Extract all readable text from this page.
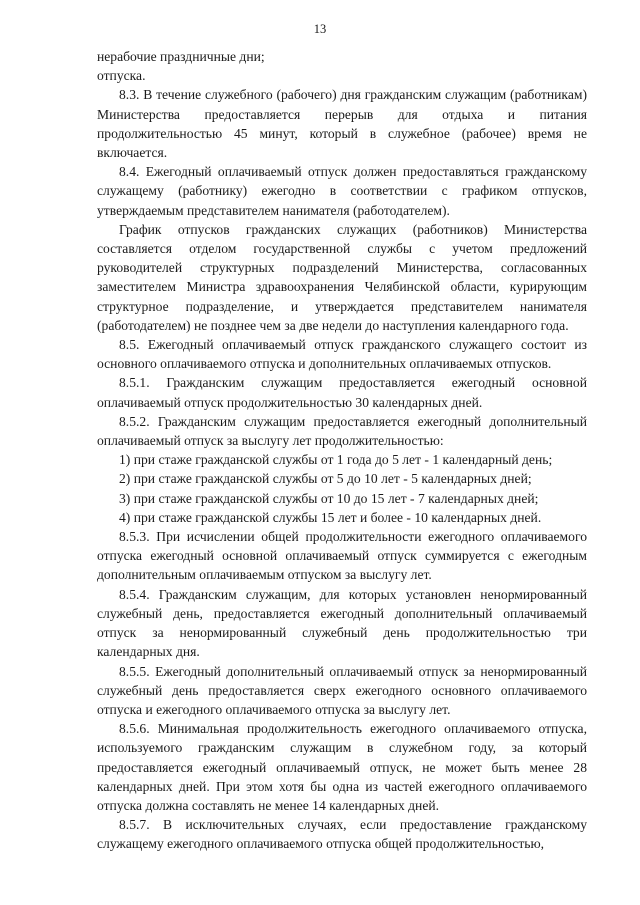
13

нерабочие праздничные дни;

отпуска.

8.3. В течение служебного (рабочего) дня гражданским служащим (работникам) Министерства предоставляется перерыв для отдыха и питания продолжительностью 45 минут, который в служебное (рабочее) время не включается.

8.4. Ежегодный оплачиваемый отпуск должен предоставляться гражданскому служащему (работнику) ежегодно в соответствии с графиком отпусков, утверждаемым представителем нанимателя (работодателем).

График отпусков гражданских служащих (работников) Министерства составляется отделом государственной службы с учетом предложений руководителей структурных подразделений Министерства, согласованных заместителем Министра здравоохранения Челябинской области, курирующим структурное подразделение, и утверждается представителем нанимателя (работодателем) не позднее чем за две недели до наступления календарного года.

8.5. Ежегодный оплачиваемый отпуск гражданского служащего состоит из основного оплачиваемого отпуска и дополнительных оплачиваемых отпусков.

8.5.1. Гражданским служащим предоставляется ежегодный основной оплачиваемый отпуск продолжительностью 30 календарных дней.

8.5.2. Гражданским служащим предоставляется ежегодный дополнительный оплачиваемый отпуск за выслугу лет продолжительностью:

1) при стаже гражданской службы от 1 года до 5 лет - 1 календарный день;

2) при стаже гражданской службы от 5 до 10 лет - 5 календарных дней;

3) при стаже гражданской службы от 10 до 15 лет - 7 календарных дней;

4) при стаже гражданской службы 15 лет и более - 10 календарных дней.

8.5.3. При исчислении общей продолжительности ежегодного оплачиваемого отпуска ежегодный основной оплачиваемый отпуск суммируется с ежегодным дополнительным оплачиваемым отпуском за выслугу лет.

8.5.4. Гражданским служащим, для которых установлен ненормированный служебный день, предоставляется ежегодный дополнительный оплачиваемый отпуск за ненормированный служебный день продолжительностью три календарных дня.

8.5.5. Ежегодный дополнительный оплачиваемый отпуск за ненормированный служебный день предоставляется сверх ежегодного основного оплачиваемого отпуска и ежегодного оплачиваемого отпуска за выслугу лет.

8.5.6. Минимальная продолжительность ежегодного оплачиваемого отпуска, используемого гражданским служащим в служебном году, за который предоставляется ежегодный оплачиваемый отпуск, не может быть менее 28 календарных дней. При этом хотя бы одна из частей ежегодного оплачиваемого отпуска должна составлять не менее 14 календарных дней.

8.5.7. В исключительных случаях, если предоставление гражданскому служащему ежегодного оплачиваемого отпуска общей продолжительностью,
